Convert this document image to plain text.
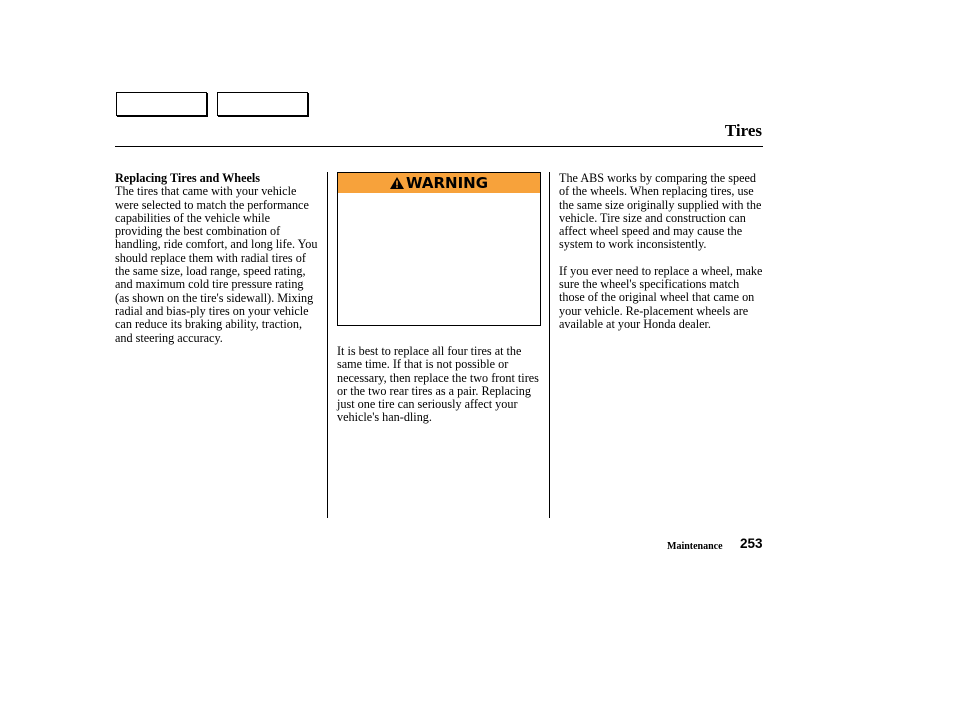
Tires

Replacing Tires and Wheels

The tires that came with your vehicle were selected to match the performance capabilities of the vehicle while providing the best combination of handling, ride comfort, and long life. You should replace them with radial tires of the same size, load range, speed rating, and maximum cold tire pressure rating (as shown on the tire's sidewall). Mixing radial and bias-ply tires on your vehicle can reduce its braking ability, traction, and steering accuracy.

WARNING

It is best to replace all four tires at the same time. If that is not possible or necessary, then replace the two front tires or the two rear tires as a pair. Replacing just one tire can seriously affect your vehicle's han-dling.

The ABS works by comparing the speed of the wheels. When replacing tires, use the same size originally supplied with the vehicle. Tire size and construction can affect wheel speed and may cause the system to work inconsistently.

If you ever need to replace a wheel, make sure the wheel's specifications match those of the original wheel that came on your vehicle. Re-placement wheels are available at your Honda dealer.

Maintenance 253
